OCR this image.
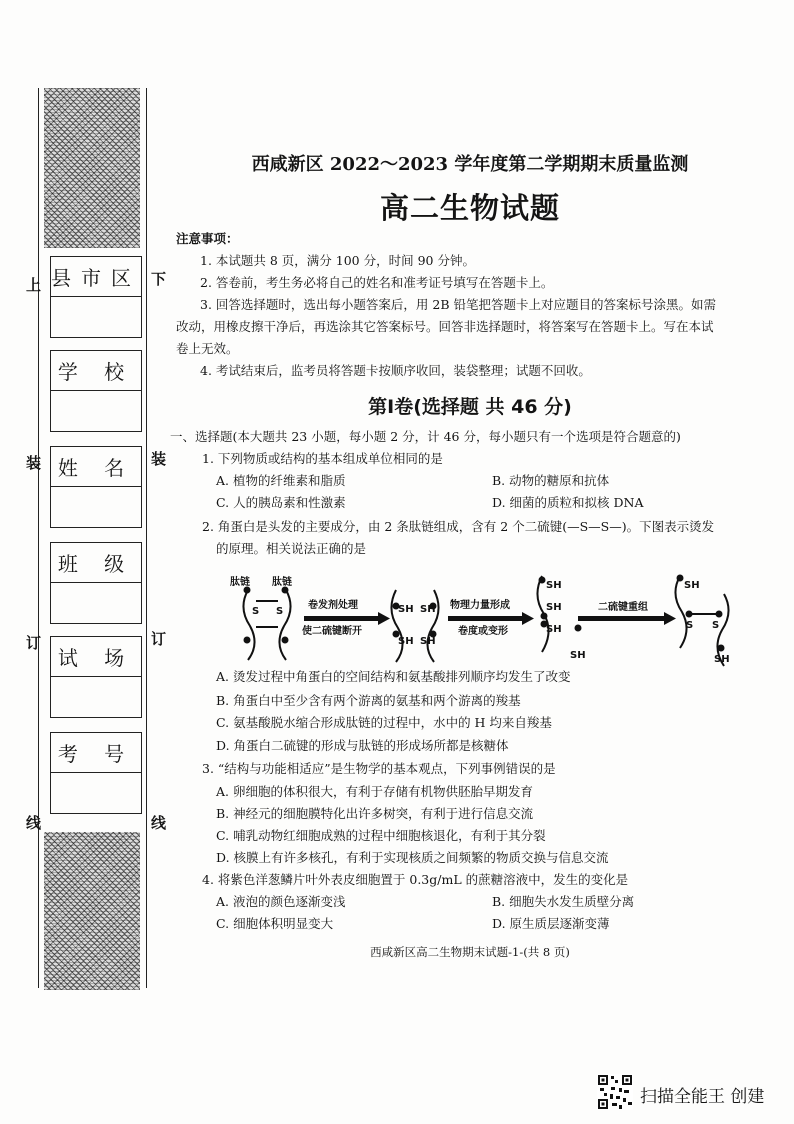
上
装
订
线
下
装
订
线
县市区
学 校
姓 名
班 级
试 场
考 号
西咸新区 2022～2023 学年度第二学期期末质量监测
高二生物试题
注意事项：
1. 本试题共 8 页，满分 100 分，时间 90 分钟。
2. 答卷前，考生务必将自己的姓名和准考证号填写在答题卡上。
3. 回答选择题时，选出每小题答案后，用 2B 铅笔把答题卡上对应题目的答案标号涂黑。如需
改动，用橡皮擦干净后，再选涂其它答案标号。回答非选择题时，将答案写在答题卡上。写在本试
卷上无效。
4. 考试结束后，监考员将答题卡按顺序收回，装袋整理；试题不回收。
第Ⅰ卷(选择题 共 46 分)
一、选择题(本大题共 23 小题，每小题 2 分，计 46 分，每小题只有一个选项是符合题意的)
1. 下列物质或结构的基本组成单位相同的是
A. 植物的纤维素和脂质	B. 动物的糖原和抗体
C. 人的胰岛素和性激素	D. 细菌的质粒和拟核 DNA
2. 角蛋白是头发的主要成分，由 2 条肽链组成，含有 2 个二硫键(—S—S—)。下图表示烫发
的原理。相关说法正确的是
肽链 肽链
S S
卷发剂处理
使二硫键断开
SH SH
SH SH
物理力量形成
卷度或变形
SH
SH
SH
SH
二硫键重组
SH
S S
SH
A. 烫发过程中角蛋白的空间结构和氨基酸排列顺序均发生了改变
B. 角蛋白中至少含有两个游离的氨基和两个游离的羧基
C. 氨基酸脱水缩合形成肽链的过程中，水中的 H 均来自羧基
D. 角蛋白二硫键的形成与肽链的形成场所都是核糖体
3. “结构与功能相适应”是生物学的基本观点，下列事例错误的是
A. 卵细胞的体积很大，有利于存储有机物供胚胎早期发育
B. 神经元的细胞膜特化出许多树突，有利于进行信息交流
C. 哺乳动物红细胞成熟的过程中细胞核退化，有利于其分裂
D. 核膜上有许多核孔，有利于实现核质之间频繁的物质交换与信息交流
4. 将紫色洋葱鳞片叶外表皮细胞置于 0.3g/mL 的蔗糖溶液中，发生的变化是
A. 液泡的颜色逐渐变浅	B. 细胞失水发生质壁分离
C. 细胞体积明显变大	D. 原生质层逐渐变薄
西咸新区高二生物期末试题-1-(共 8 页)
扫描全能王 创建
